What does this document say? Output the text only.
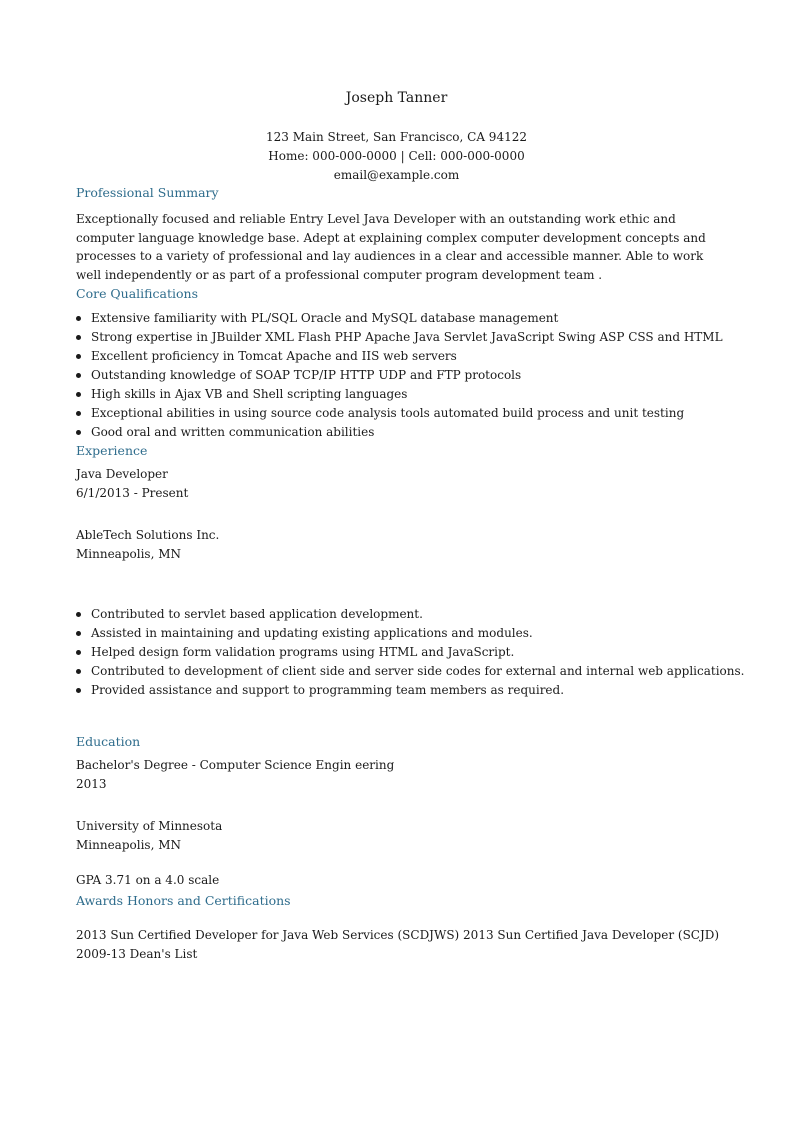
Joseph Tanner
123 Main Street, San Francisco, CA 94122
Home: 000-000-0000 | Cell: 000-000-0000
email@example.com
Professional Summary
Exceptionally focused and reliable Entry Level Java Developer with an outstanding work ethic and computer language knowledge base. Adept at explaining complex computer development concepts and processes to a variety of professional and lay audiences in a clear and accessible manner. Able to work well independently or as part of a professional computer program development team .
Core Qualifications
Extensive familiarity with PL/SQL Oracle and MySQL database management
Strong expertise in JBuilder XML Flash PHP Apache Java Servlet JavaScript Swing ASP CSS and HTML
Excellent proficiency in Tomcat Apache and IIS web servers
Outstanding knowledge of SOAP TCP/IP HTTP UDP and FTP protocols
High skills in Ajax VB and Shell scripting languages
Exceptional abilities in using source code analysis tools automated build process and unit testing
Good oral and written communication abilities
Experience
Java Developer
6/1/2013 - Present
AbleTech Solutions Inc.
Minneapolis, MN
Contributed to servlet based application development.
Assisted in maintaining and updating existing applications and modules.
Helped design form validation programs using HTML and JavaScript.
Contributed to development of client side and server side codes for external and internal web applications.
Provided assistance and support to programming team members as required.
Education
Bachelor's Degree - Computer Science Engin eering
2013
University of Minnesota
Minneapolis, MN
GPA 3.71 on a 4.0 scale
Awards Honors and Certifications
2013 Sun Certified Developer for Java Web Services (SCDJWS) 2013 Sun Certified Java Developer (SCJD) 2009-13 Dean's List
